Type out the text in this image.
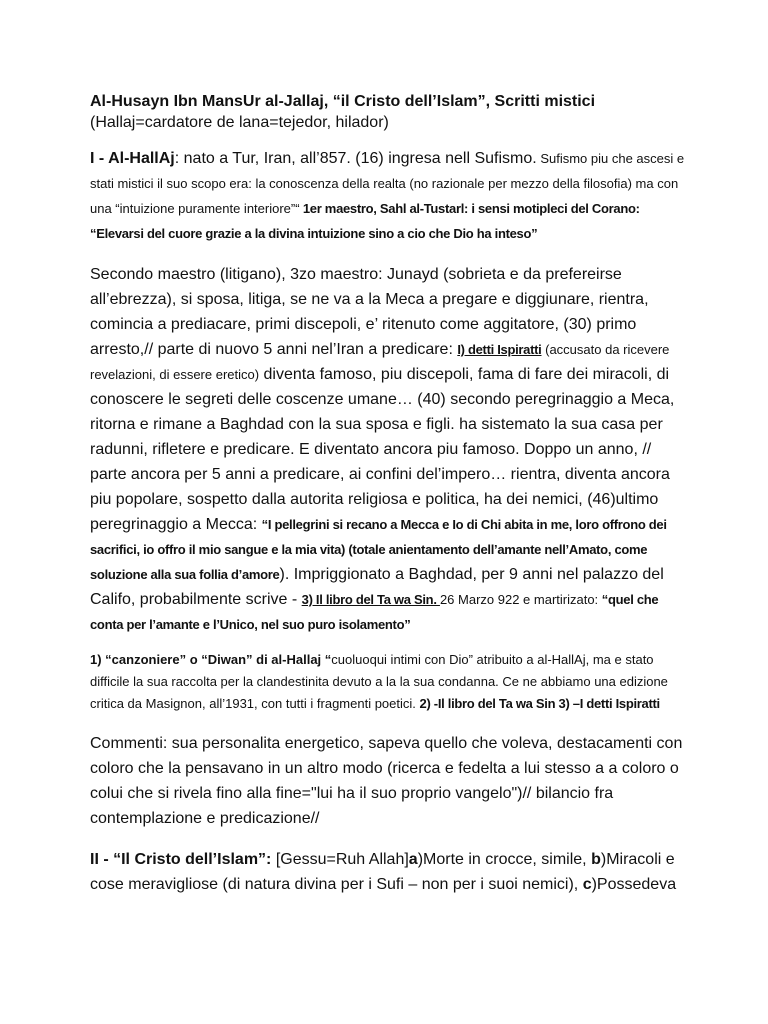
Al-Husayn Ibn MansUr al-Jallaj, “il Cristo dell’Islam”, Scritti mistici

(Hallaj=cardatore de lana=tejedor, hilador)

I - Al-HallAj: nato a Tur, Iran, all’857. (16) ingresa nell Sufismo. Sufismo piu che ascesi e stati mistici il suo scopo era: la conoscenza della realta (no razionale per mezzo della filosofia) ma con una “intuizione puramente interiore”“ 1er maestro, Sahl al-Tustarl: i sensi motipleci del Corano: “Elevarsi del cuore grazie a la divina intuizione sino a cio che Dio ha inteso”

Secondo maestro (litigano), 3zo maestro: Junayd (sobrieta e da prefereirse all’ebrezza), si sposa, litiga, se ne va a la Meca a pregare e diggiunare, rientra, comincia a prediacare, primi discepoli, e’ ritenuto come aggitatore, (30) primo arresto,// parte di nuovo 5 anni nel’Iran a predicare: I) detti Ispiratti (accusato da ricevere revelazioni, di essere eretico) diventa famoso, piu discepoli, fama di fare dei miracoli, di conoscere le segreti delle coscenze umane… (40) secondo peregrinaggio a Meca, ritorna e rimane a Baghdad con la sua sposa e figli. ha sistemato la sua casa per radunni, rifletere e predicare. E diventato ancora piu famoso. Doppo un anno, // parte ancora per 5 anni a predicare, ai confini del’impero… rientra, diventa ancora piu popolare, sospetto dalla autorita religiosa e politica, ha dei nemici, (46)ultimo peregrinaggio a Mecca: “I pellegrini si recano a Mecca e Io di Chi abita in me, loro offrono dei sacrifici, io offro il mio sangue e la mia vita) (totale anientamento dell’amante nell’Amato, come soluzione alla sua follia d’amore). Impriggionato a Baghdad, per 9 anni nel palazzo del Califo, probabilmente scrive - 3) Il libro del Ta wa Sin. 26 Marzo 922 e martirizato: “quel che conta per l’amante e l’Unico, nel suo puro isolamento”

1) “canzoniere” o “Diwan” di al-Hallaj “cuoluoqui intimi con Dio” atribuito a al-HallAj, ma e stato difficile la sua raccolta per la clandestinita devuto a la la sua condanna. Ce ne abbiamo una edizione critica da Masignon, all’1931, con tutti i fragmenti poetici. 2) -Il libro del Ta wa Sin 3) –I detti Ispiratti

Commenti: sua personalita energetico, sapeva quello che voleva, destacamenti con coloro che la pensavano in un altro modo (ricerca e fedelta a lui stesso a a coloro o colui che si rivela fino alla fine="lui ha il suo proprio vangelo")// bilancio fra contemplazione e predicazione//

II - “Il Cristo dell’Islam”: [Gessu=Ruh Allah]a)Morte in crocce, simile, b)Miracoli e cose meravigliose (di natura divina per i Sufi – non per i suoi nemici), c)Possedeva
